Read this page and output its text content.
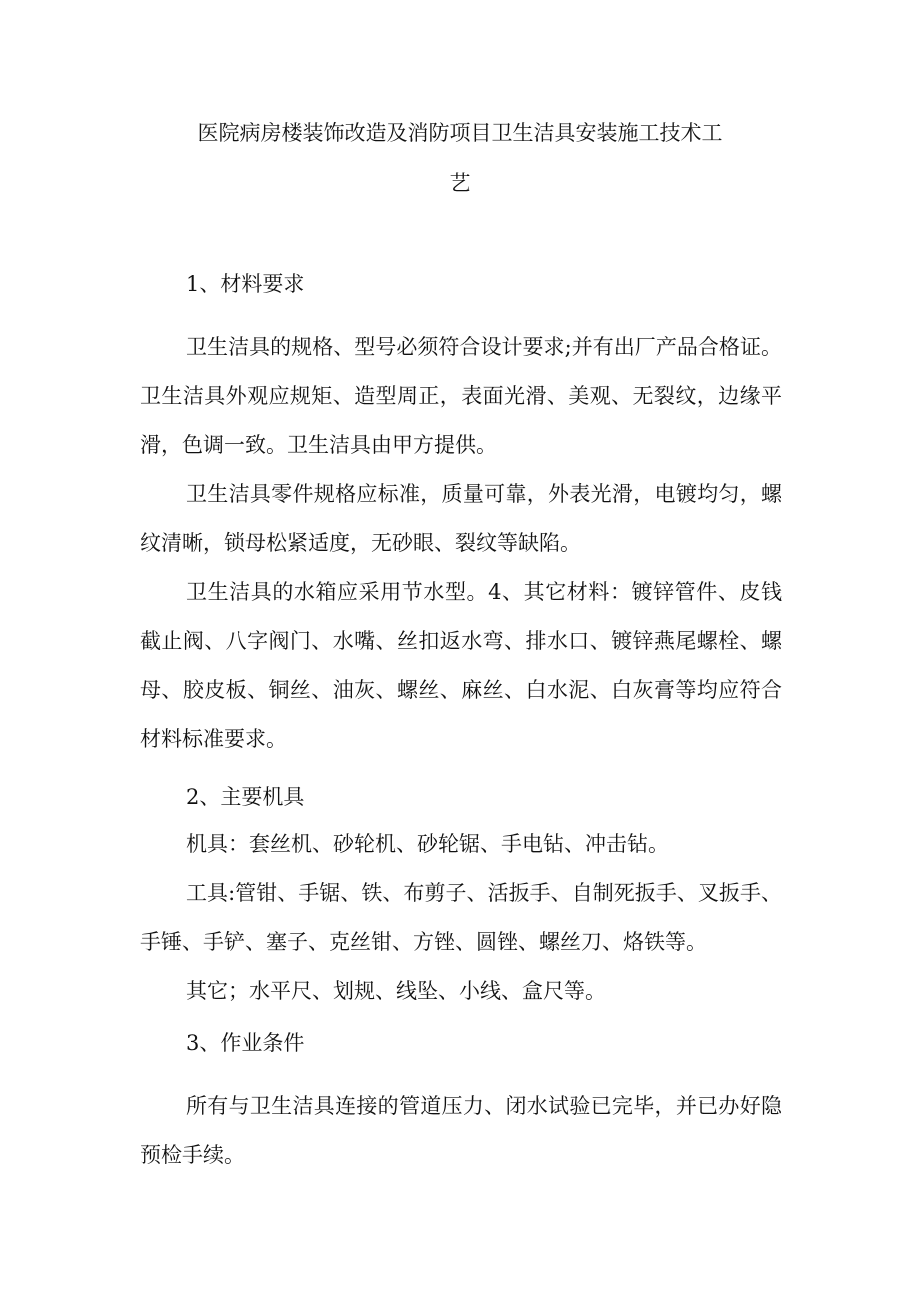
医院病房楼装饰改造及消防项目卫生洁具安装施工技术工
艺
1、材料要求
卫生洁具的规格、型号必须符合设计要求;并有出厂产品合格证。卫生洁具外观应规矩、造型周正，表面光滑、美观、无裂纹，边缘平滑，色调一致。卫生洁具由甲方提供。
卫生洁具零件规格应标准，质量可靠，外表光滑，电镀均匀，螺纹清晰，锁母松紧适度，无砂眼、裂纹等缺陷。
卫生洁具的水箱应采用节水型。4、其它材料：镀锌管件、皮钱截止阀、八字阀门、水嘴、丝扣返水弯、排水口、镀锌燕尾螺栓、螺母、胶皮板、铜丝、油灰、螺丝、麻丝、白水泥、白灰膏等均应符合材料标准要求。
2、主要机具
机具：套丝机、砂轮机、砂轮锯、手电钻、冲击钻。
工具:管钳、手锯、铁、布剪子、活扳手、自制死扳手、叉扳手、手锤、手铲、塞子、克丝钳、方锉、圆锉、螺丝刀、烙铁等。
其它；水平尺、划规、线坠、小线、盒尺等。
3、作业条件
所有与卫生洁具连接的管道压力、闭水试验已完毕，并已办好隐预检手续。
